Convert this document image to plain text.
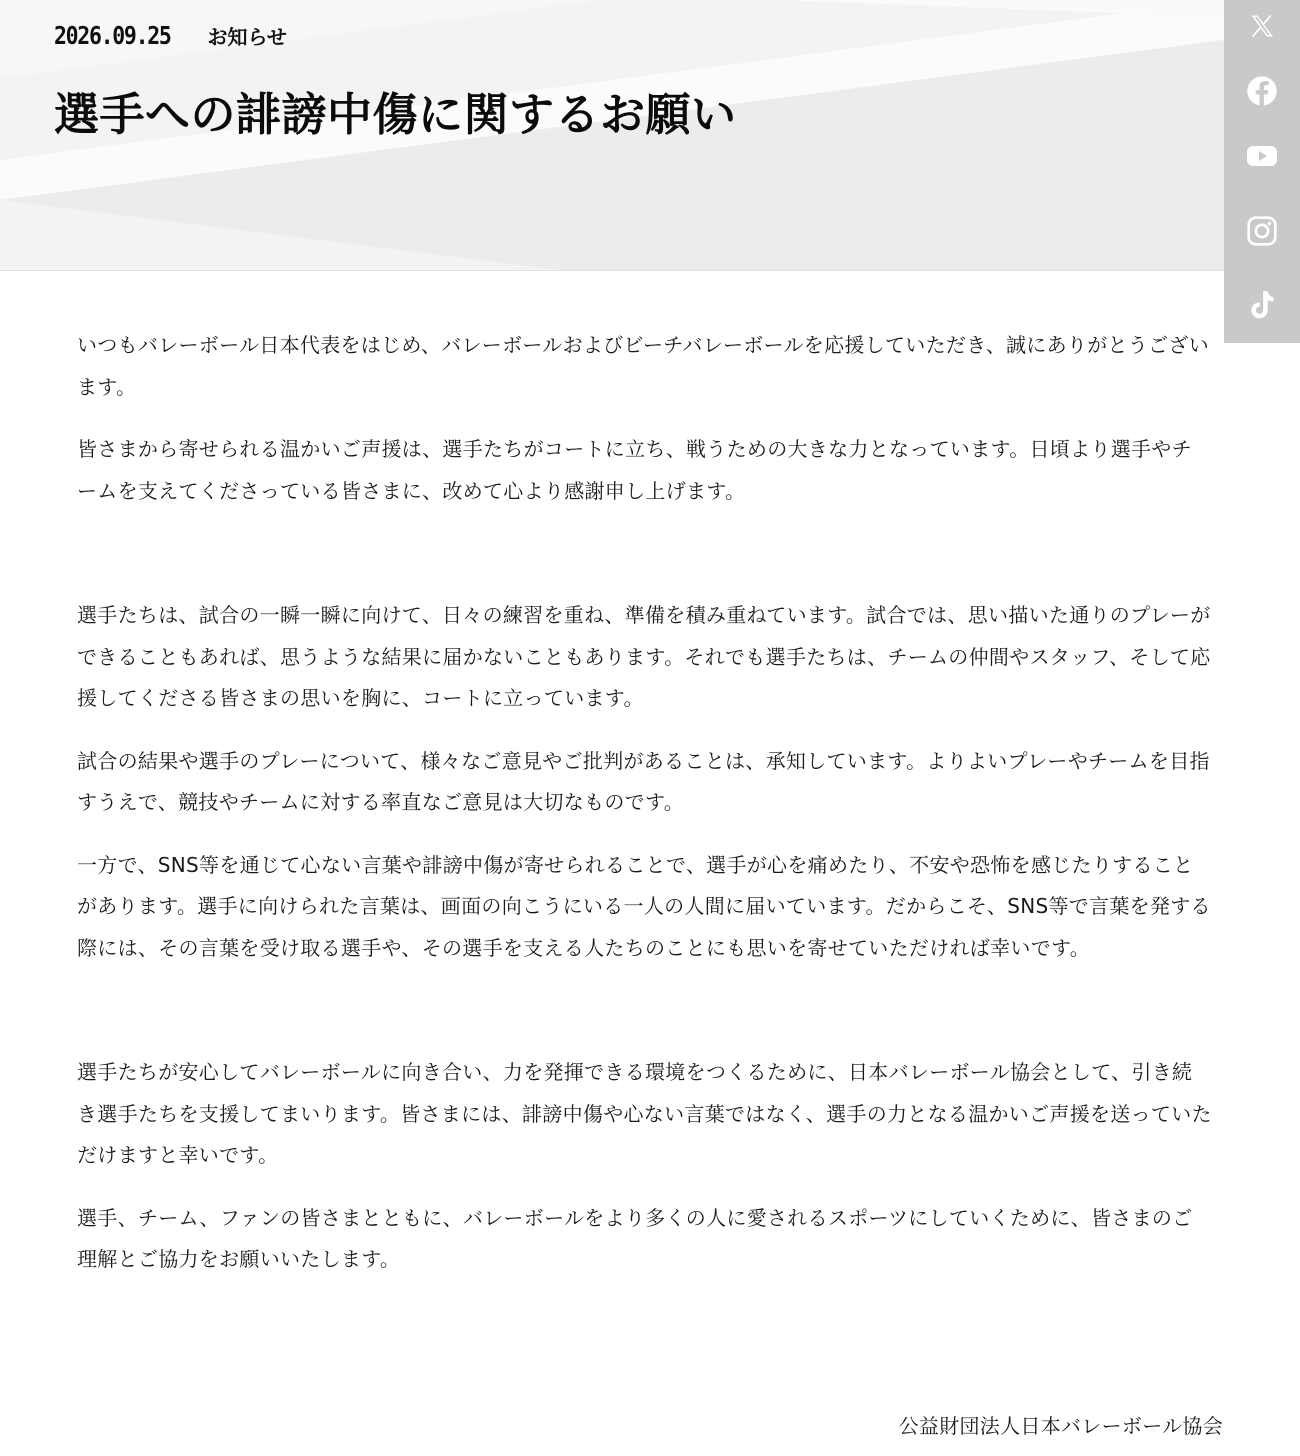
2026.09.25 お知らせ
選手への誹謗中傷に関するお願い

いつもバレーボール日本代表をはじめ、バレーボールおよびビーチバレーボールを応援していただき、誠にありがとうございます。

皆さまから寄せられる温かいご声援は、選手たちがコートに立ち、戦うための大きな力となっています。日頃より選手やチームを支えてくださっている皆さまに、改めて心より感謝申し上げます。

選手たちは、試合の一瞬一瞬に向けて、日々の練習を重ね、準備を積み重ねています。試合では、思い描いた通りのプレーができることもあれば、思うような結果に届かないこともあります。それでも選手たちは、チームの仲間やスタッフ、そして応援してくださる皆さまの思いを胸に、コートに立っています。

試合の結果や選手のプレーについて、様々なご意見やご批判があることは、承知しています。よりよいプレーやチームを目指すうえで、競技やチームに対する率直なご意見は大切なものです。

一方で、SNS等を通じて心ない言葉や誹謗中傷が寄せられることで、選手が心を痛めたり、不安や恐怖を感じたりすることがあります。選手に向けられた言葉は、画面の向こうにいる一人の人間に届いています。だからこそ、SNS等で言葉を発する際には、その言葉を受け取る選手や、その選手を支える人たちのことにも思いを寄せていただければ幸いです。

選手たちが安心してバレーボールに向き合い、力を発揮できる環境をつくるために、日本バレーボール協会として、引き続き選手たちを支援してまいります。皆さまには、誹謗中傷や心ない言葉ではなく、選手の力となる温かいご声援を送っていただけますと幸いです。

選手、チーム、ファンの皆さまとともに、バレーボールをより多くの人に愛されるスポーツにしていくために、皆さまのご理解とご協力をお願いいたします。

公益財団法人日本バレーボール協会
